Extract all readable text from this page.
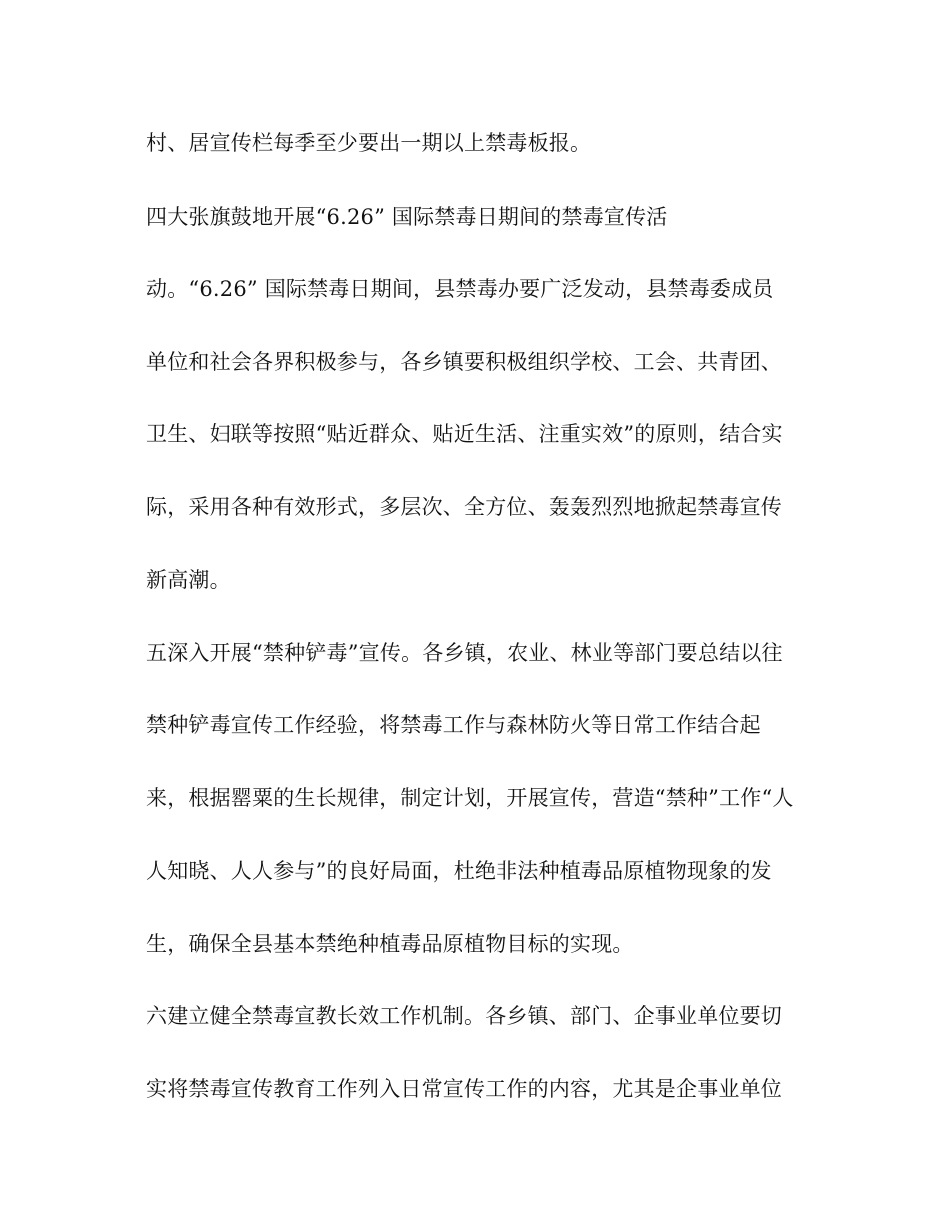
村、居宣传栏每季至少要出一期以上禁毒板报。

四大张旗鼓地开展“6.26” 国际禁毒日期间的禁毒宣传活

动。“6.26” 国际禁毒日期间，县禁毒办要广泛发动，县禁毒委成员

单位和社会各界积极参与，各乡镇要积极组织学校、工会、共青团、

卫生、妇联等按照“贴近群众、贴近生活、注重实效”的原则，结合实

际，采用各种有效形式，多层次、全方位、轰轰烈烈地掀起禁毒宣传

新高潮。

五深入开展“禁种铲毒”宣传。各乡镇，农业、林业等部门要总结以往

禁种铲毒宣传工作经验，将禁毒工作与森林防火等日常工作结合起

来，根据罂粟的生长规律，制定计划，开展宣传，营造“禁种”工作“人

人知晓、人人参与”的良好局面，杜绝非法种植毒品原植物现象的发

生，确保全县基本禁绝种植毒品原植物目标的实现。

六建立健全禁毒宣教长效工作机制。各乡镇、部门、企事业单位要切

实将禁毒宣传教育工作列入日常宣传工作的内容，尤其是企事业单位
